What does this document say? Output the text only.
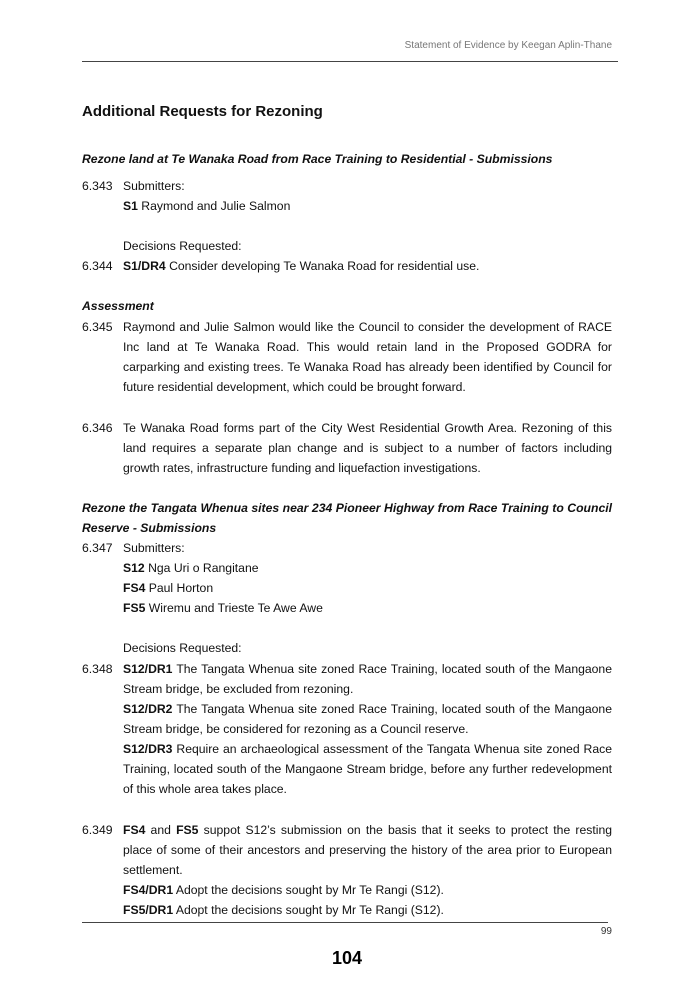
Statement of Evidence by Keegan Aplin-Thane
Additional Requests for Rezoning
Rezone land at Te Wanaka Road from Race Training to Residential - Submissions
6.343 Submitters:
S1 Raymond and Julie Salmon
Decisions Requested:
6.344 S1/DR4 Consider developing Te Wanaka Road for residential use.
Assessment
6.345 Raymond and Julie Salmon would like the Council to consider the development of RACE Inc land at Te Wanaka Road. This would retain land in the Proposed GODRA for carparking and existing trees. Te Wanaka Road has already been identified by Council for future residential development, which could be brought forward.
6.346 Te Wanaka Road forms part of the City West Residential Growth Area. Rezoning of this land requires a separate plan change and is subject to a number of factors including growth rates, infrastructure funding and liquefaction investigations.
Rezone the Tangata Whenua sites near 234 Pioneer Highway from Race Training to Council Reserve - Submissions
6.347 Submitters:
S12 Nga Uri o Rangitane
FS4 Paul Horton
FS5 Wiremu and Trieste Te Awe Awe
Decisions Requested:
6.348 S12/DR1 The Tangata Whenua site zoned Race Training, located south of the Mangaone Stream bridge, be excluded from rezoning.
S12/DR2 The Tangata Whenua site zoned Race Training, located south of the Mangaone Stream bridge, be considered for rezoning as a Council reserve.
S12/DR3 Require an archaeological assessment of the Tangata Whenua site zoned Race Training, located south of the Mangaone Stream bridge, before any further redevelopment of this whole area takes place.
6.349 FS4 and FS5 suppot S12’s submission on the basis that it seeks to protect the resting place of some of their ancestors and preserving the history of the area prior to European settlement.
FS4/DR1 Adopt the decisions sought by Mr Te Rangi (S12).
FS5/DR1 Adopt the decisions sought by Mr Te Rangi (S12).
99
104
